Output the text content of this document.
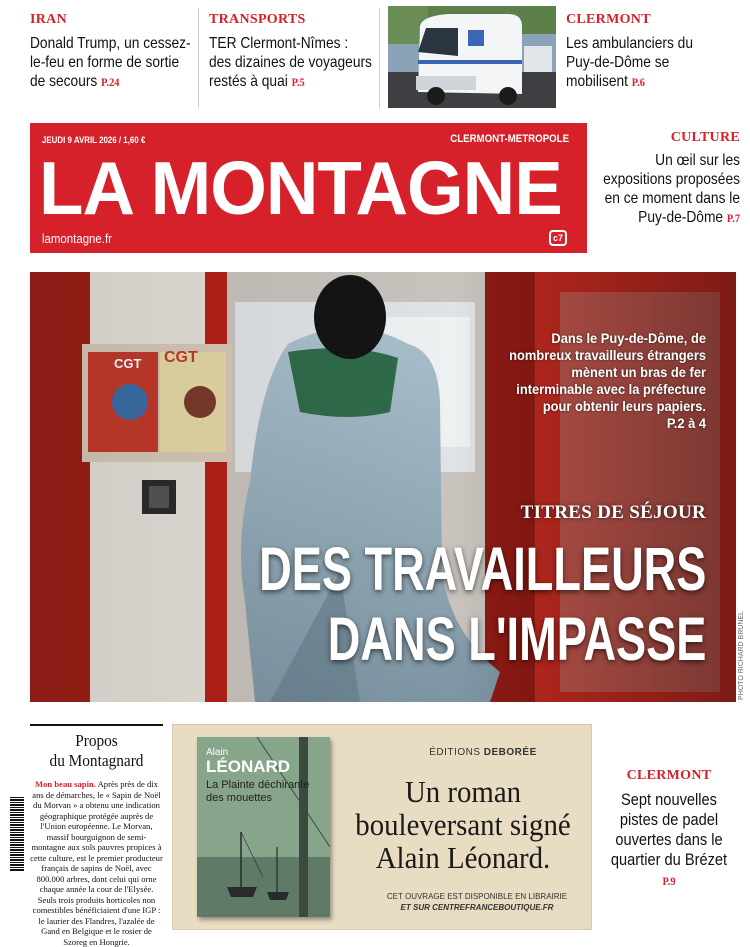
IRAN
Donald Trump, un cessez-le-feu en forme de sortie de secours P.24
TRANSPORTS
TER Clermont-Nîmes : des dizaines de voyageurs restés à quai P.5
CLERMONT
Les ambulanciers du Puy-de-Dôme se mobilisent P.6
JEUDI 9 AVRIL 2026 / 1,60 €	CLERMONT-METROPOLE
LA MONTAGNE
lamontagne.fr	c7
CULTURE
Un œil sur les expositions proposées en ce moment dans le Puy-de-Dôme P.7
Dans le Puy-de-Dôme, de nombreux travailleurs étrangers mènent un bras de fer interminable avec la préfecture pour obtenir leurs papiers.
P.2 à 4
TITRES DE SÉJOUR
DES TRAVAILLEURS
DANS L'IMPASSE	PHOTO RICHARD BRUNEL
Propos
du Montagnard

Mon beau sapin. Après près de dix ans de démarches, le « Sapin de Noël du Morvan » a obtenu une indication géographique protégée auprès de l'Union européenne. Le Morvan, massif bourguignon de semi-montagne aux sols pauvres propices à cette culture, est le premier producteur français de sapins de Noël, avec 800.000 arbres, dont celui qui orne chaque année la cour de l'Elysée. Seuls trois produits horticoles non comestibles bénéficiaient d'une IGP : le laurier des Flandres, l'azalée de Gand en Belgique et le rosier de Szoreg en Hongrie.

Alain
LÉONARD
La Plainte déchirante des mouettes
ÉDITIONS DEBORÉE
Un roman bouleversant signé Alain Léonard.
CET OUVRAGE EST DISPONIBLE EN LIBRAIRIE
ET SUR CENTREFRANCEBOUTIQUE.FR
CLERMONT
Sept nouvelles pistes de padel ouvertes dans le quartier du Brézet P.9
